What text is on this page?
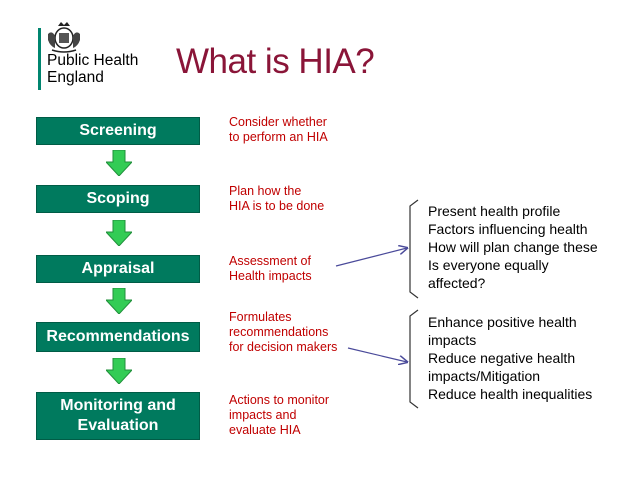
Public Health
England	What is HIA?
Screening
Scoping
Appraisal
Recommendations
Monitoring and
Evaluation
Consider whether
to perform an HIA
Plan how the
HIA is to be done
Assessment of
Health impacts
Formulates
recommendations
for decision makers
Actions to monitor
impacts and
evaluate HIA
Present health profile
Factors influencing health
How will plan change these
Is everyone equally
affected?
Enhance positive health
impacts
Reduce negative health
impacts/Mitigation
Reduce health inequalities
